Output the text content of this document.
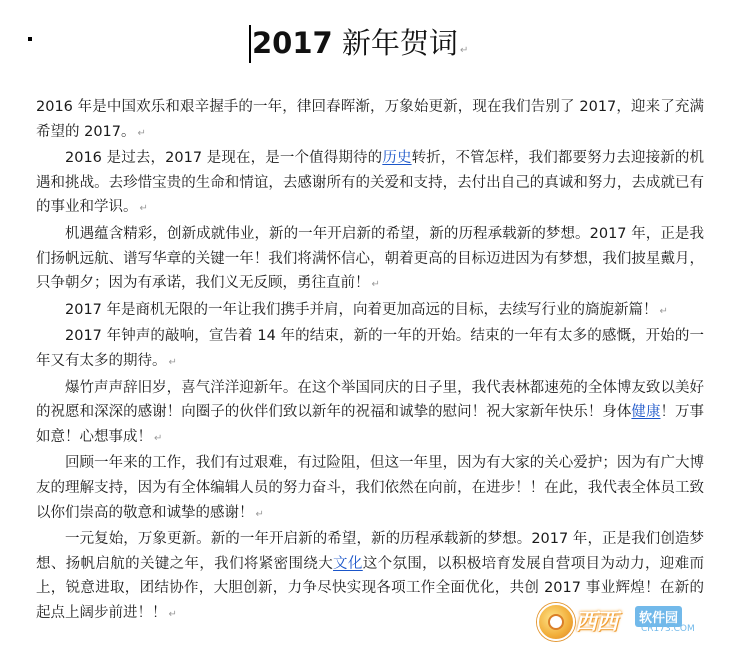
2017 新年贺词 ↵

2016 年是中国欢乐和艰辛握手的一年，律回春晖渐，万象始更新，现在我们告别了 2017，迎来了充满希望的 2017。 ↵

2016 是过去，2017 是现在，是一个值得期待的历史转折，不管怎样，我们都要努力去迎接新的机遇和挑战。去珍惜宝贵的生命和情谊，去感谢所有的关爱和支持，去付出自己的真诚和努力，去成就已有的事业和学识。 ↵

机遇蕴含精彩，创新成就伟业，新的一年开启新的希望，新的历程承载新的梦想。2017 年，正是我们扬帆远航、谱写华章的关键一年！我们将满怀信心，朝着更高的目标迈进因为有梦想，我们披星戴月，只争朝夕；因为有承诺，我们义无反顾，勇往直前！ ↵

2017 年是商机无限的一年让我们携手并肩，向着更加高远的目标，去续写行业的旖旎新篇！ ↵

2017 年钟声的敲响，宣告着 14 年的结束，新的一年的开始。结束的一年有太多的感慨，开始的一年又有太多的期待。 ↵

爆竹声声辞旧岁，喜气洋洋迎新年。在这个举国同庆的日子里，我代表林都速苑的全体博友致以美好的祝愿和深深的感谢！向圈子的伙伴们致以新年的祝福和诚挚的慰问！祝大家新年快乐！身体健康！万事如意！心想事成！ ↵

回顾一年来的工作，我们有过艰难，有过险阻，但这一年里，因为有大家的关心爱护；因为有广大博友的理解支持，因为有全体编辑人员的努力奋斗，我们依然在向前，在进步！！在此，我代表全体员工致以你们崇高的敬意和诚挚的感谢！ ↵

一元复始，万象更新。新的一年开启新的希望，新的历程承载新的梦想。2017 年，正是我们创造梦想、扬帆启航的关键之年，我们将紧密围绕大文化这个氛围，以积极培育发展自营项目为动力，迎难而上，锐意进取，团结协作，大胆创新，力争尽快实现各项工作全面优化，共创 2017 事业辉煌！在新的起点上阔步前进！！ ↵	西西	软件园
CR173.COM
